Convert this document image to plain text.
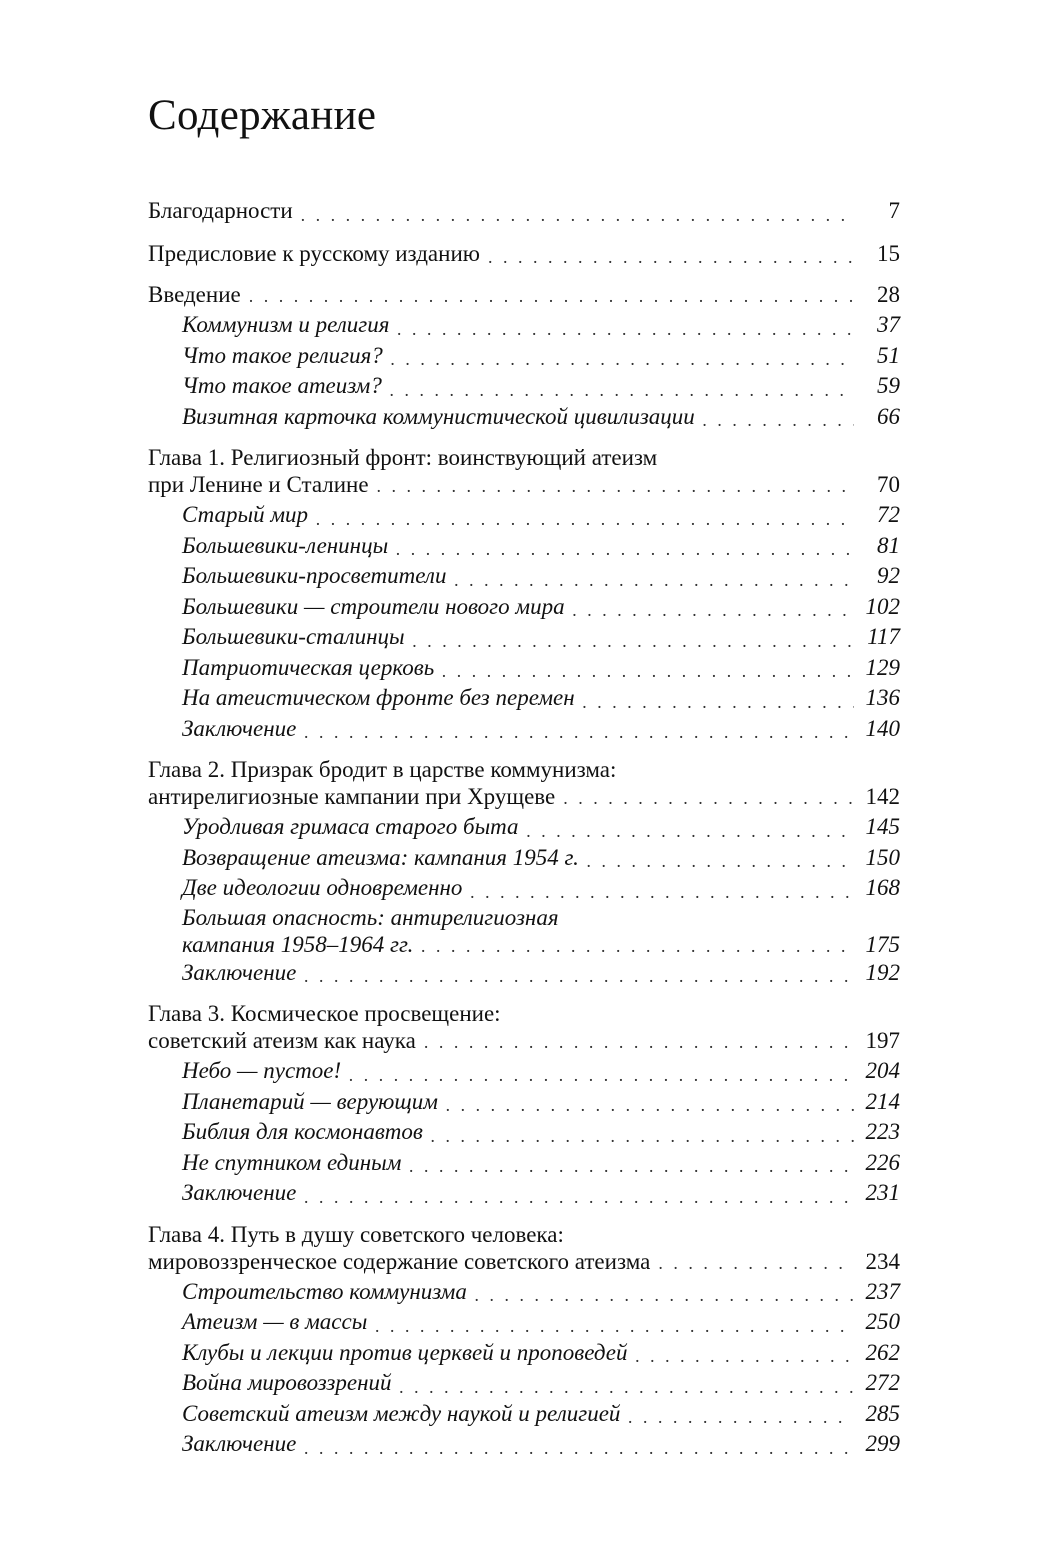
Содержание
Благодарности . . .	7
Предисловие к русскому изданию . . .	15
Введение . . .	28
Коммунизм и религия . . .	37
Что такое религия? . . .	51
Что такое атеизм? . . .	59
Визитная карточка коммунистической цивилизации . . .	66
Глава 1. Религиозный фронт: воинствующий атеизм
при Ленине и Сталине . . .	70
Старый мир . . .	72
Большевики-ленинцы . . .	81
Большевики-просветители . . .	92
Большевики — строители нового мира . . .	102
Большевики-сталинцы . . .	117
Патриотическая церковь . . .	129
На атеистическом фронте без перемен . . .	136
Заключение . . .	140
Глава 2. Призрак бродит в царстве коммунизма:
антирелигиозные кампании при Хрущеве . . .	142
Уродливая гримаса старого быта . . .	145
Возвращение атеизма: кампания 1954 г. . . .	150
Две идеологии одновременно . . .	168
Большая опасность: антирелигиозная
кампания 1958–1964 гг. . . .	175
Заключение . . .	192
Глава 3. Космическое просвещение:
советский атеизм как наука . . .	197
Небо — пустое! . . .	204
Планетарий — верующим . . .	214
Библия для космонавтов . . .	223
Не спутником единым . . .	226
Заключение . . .	231
Глава 4. Путь в душу советского человека:
мировоззренческое содержание советского атеизма . . .	234
Строительство коммунизма . . .	237
Атеизм — в массы . . .	250
Клубы и лекции против церквей и проповедей . . .	262
Война мировоззрений . . .	272
Советский атеизм между наукой и религией . . .	285
Заключение . . .	299
